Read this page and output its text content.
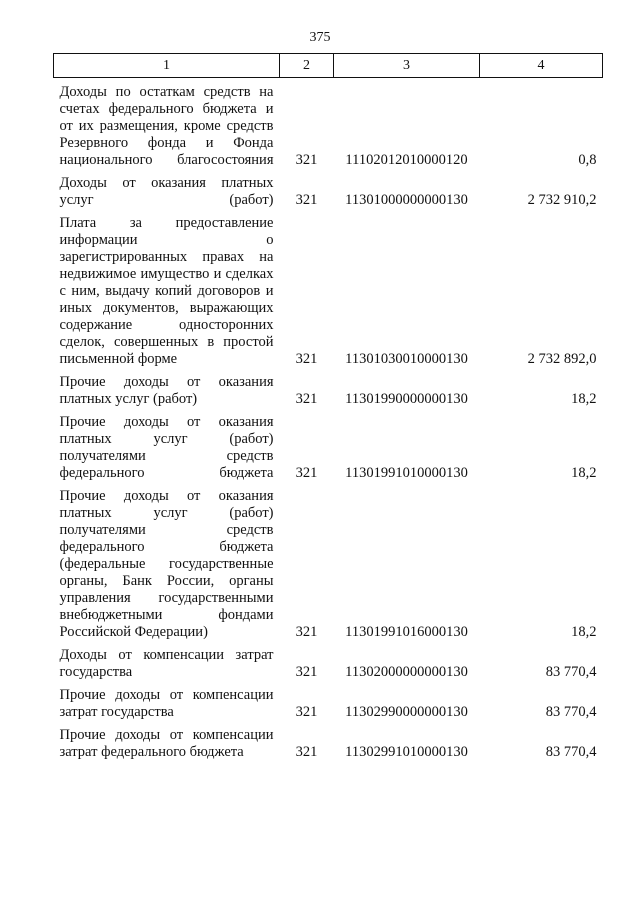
375
1	2	3	4
Доходы по остаткам средств на счетах федерального бюджета и от их размещения, кроме средств Резервного фонда и Фонда национального благосостояния	321	11102012010000120	0,8
Доходы от оказания платных услуг (работ)	321	11301000000000130	2 732 910,2
Плата за предоставление информации о зарегистрированных правах на недвижимое имущество и сделках с ним, выдачу копий договоров и иных документов, выражающих содержание односторонних сделок, совершенных в простой письменной форме	321	11301030010000130	2 732 892,0
Прочие доходы от оказания платных услуг (работ)	321	11301990000000130	18,2
Прочие доходы от оказания платных услуг (работ) получателями средств федерального бюджета	321	11301991010000130	18,2
Прочие доходы от оказания платных услуг (работ) получателями средств федерального бюджета (федеральные государственные органы, Банк России, органы управления государственными внебюджетными фондами Российской Федерации)	321	11301991016000130	18,2
Доходы от компенсации затрат государства	321	11302000000000130	83 770,4
Прочие доходы от компенсации затрат государства	321	11302990000000130	83 770,4
Прочие доходы от компенсации затрат федерального бюджета	321	11302991010000130	83 770,4
